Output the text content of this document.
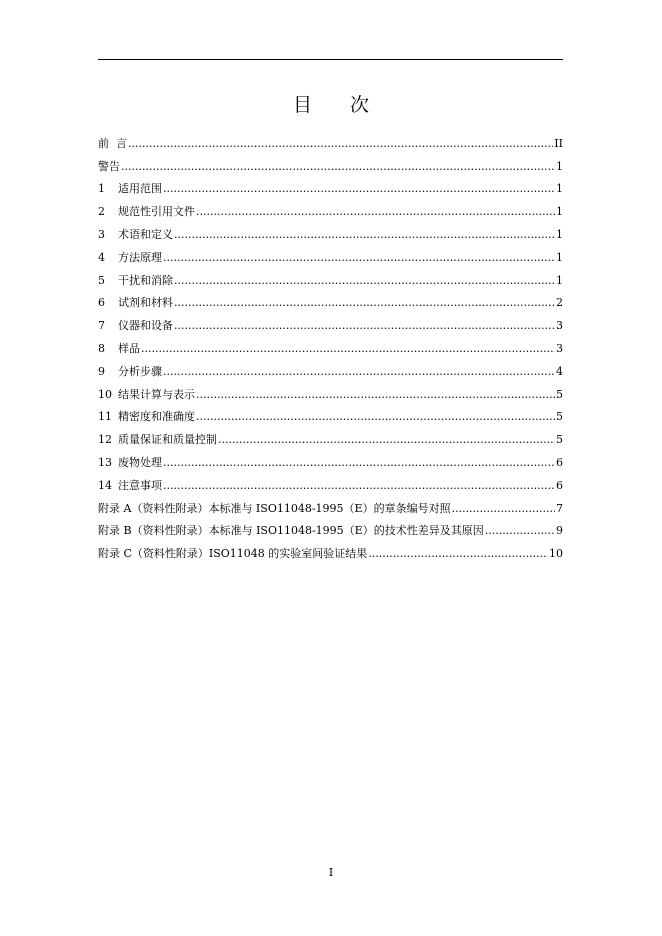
目 次
前  言 .....	II
警告 .....	1
1	适用范围 .....	1
2	规范性引用文件 .....	1
3	术语和定义 .....	1
4	方法原理 .....	1
5	干扰和消除 .....	1
6	试剂和材料 .....	2
7	仪器和设备 .....	3
8	样品 .....	3
9	分析步骤 .....	4
10 结果计算与表示 .....	5
11 精密度和准确度 .....	5
12 质量保证和质量控制 .....	5
13 废物处理 .....	6
14 注意事项 .....	6
附录 A（资料性附录）本标准与 ISO11048-1995（E）的章条编号对照 .....	7
附录 B（资料性附录）本标准与 ISO11048-1995（E）的技术性差异及其原因 .....	9
附录 C（资料性附录）ISO11048 的实验室间验证结果 .....	10
I
